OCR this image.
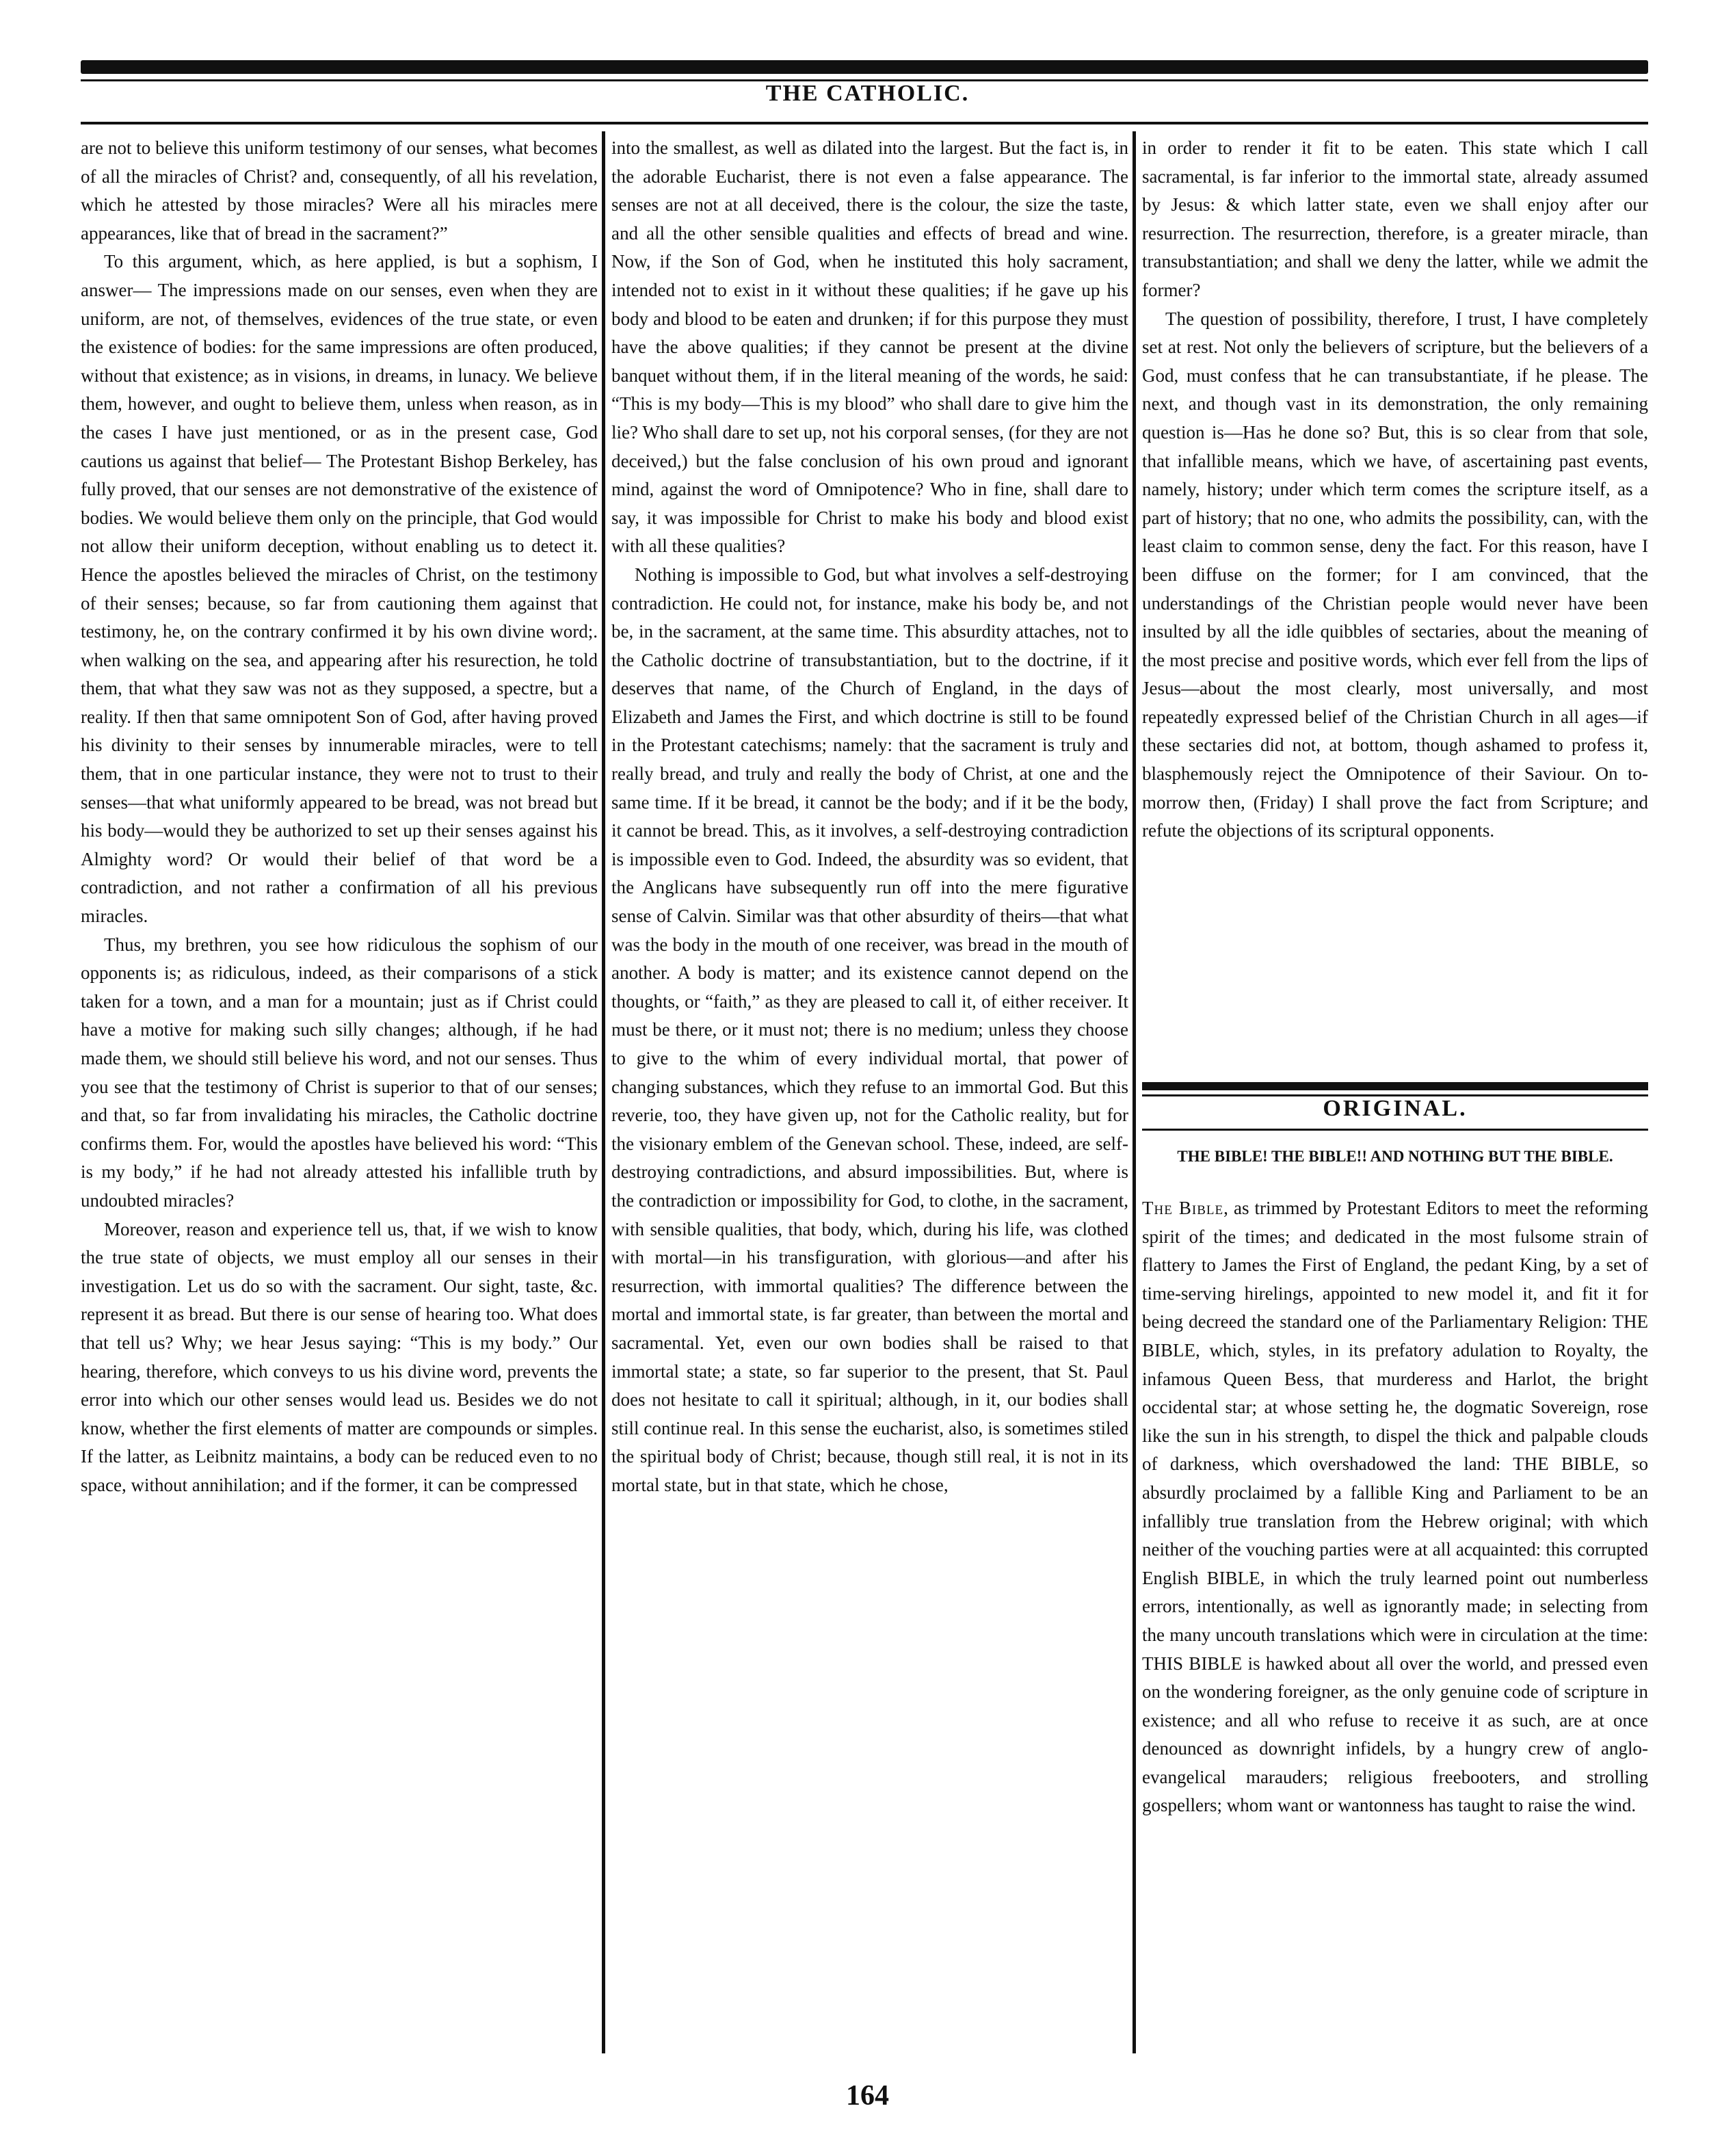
THE CATHOLIC.

are not to believe this uniform testimony of our senses, what becomes of all the miracles of Christ? and, consequently, of all his revelation, which he attested by those miracles? Were all his miracles mere appearances, like that of bread in the sacrament?”

To this argument, which, as here applied, is but a sophism, I answer— The impressions made on our senses, even when they are uniform, are not, of themselves, evidences of the true state, or even the existence of bodies: for the same impressions are often produced, without that existence; as in visions, in dreams, in lunacy. We believe them, however, and ought to believe them, unless when reason, as in the cases I have just mentioned, or as in the present case, God cautions us against that belief— The Protestant Bishop Berkeley, has fully proved, that our senses are not demonstrative of the existence of bodies. We would believe them only on the principle, that God would not allow their uniform deception, without enabling us to detect it. Hence the apostles believed the miracles of Christ, on the testimony of their senses; because, so far from cautioning them against that testimony, he, on the contrary confirmed it by his own divine word;. when walking on the sea, and appearing after his resurection, he told them, that what they saw was not as they supposed, a spectre, but a reality. If then that same omnipotent Son of God, after having proved his divinity to their senses by innumerable miracles, were to tell them, that in one particular instance, they were not to trust to their senses—that what uniformly appeared to be bread, was not bread but his body—would they be authorized to set up their senses against his Almighty word? Or would their belief of that word be a contradiction, and not rather a confirmation of all his previous miracles.

Thus, my brethren, you see how ridiculous the sophism of our opponents is; as ridiculous, indeed, as their comparisons of a stick taken for a town, and a man for a mountain; just as if Christ could have a motive for making such silly changes; although, if he had made them, we should still believe his word, and not our senses. Thus you see that the testimony of Christ is superior to that of our senses; and that, so far from invalidating his miracles, the Catholic doctrine confirms them. For, would the apostles have believed his word: “This is my body,” if he had not already attested his infallible truth by undoubted miracles?

Moreover, reason and experience tell us, that, if we wish to know the true state of objects, we must employ all our senses in their investigation. Let us do so with the sacrament. Our sight, taste, &c. represent it as bread. But there is our sense of hearing too. What does that tell us? Why; we hear Jesus saying: “This is my body.” Our hearing, therefore, which conveys to us his divine word, prevents the error into which our other senses would lead us. Besides we do not know, whether the first elements of matter are compounds or simples. If the latter, as Leibnitz maintains, a body can be reduced even to no space, without annihilation; and if the former, it can be compressed

into the smallest, as well as dilated into the largest. But the fact is, in the adorable Eucharist, there is not even a false appearance. The senses are not at all deceived, there is the colour, the size the taste, and all the other sensible qualities and effects of bread and wine. Now, if the Son of God, when he instituted this holy sacrament, intended not to exist in it without these qualities; if he gave up his body and blood to be eaten and drunken; if for this purpose they must have the above qualities; if they cannot be present at the divine banquet without them, if in the literal meaning of the words, he said: “This is my body—This is my blood” who shall dare to give him the lie? Who shall dare to set up, not his corporal senses, (for they are not deceived,) but the false conclusion of his own proud and ignorant mind, against the word of Omnipotence? Who in fine, shall dare to say, it was impossible for Christ to make his body and blood exist with all these qualities?

Nothing is impossible to God, but what involves a self-destroying contradiction. He could not, for instance, make his body be, and not be, in the sacrament, at the same time. This absurdity attaches, not to the Catholic doctrine of transubstantiation, but to the doctrine, if it deserves that name, of the Church of England, in the days of Elizabeth and James the First, and which doctrine is still to be found in the Protestant catechisms; namely: that the sacrament is truly and really bread, and truly and really the body of Christ, at one and the same time. If it be bread, it cannot be the body; and if it be the body, it cannot be bread. This, as it involves, a self-destroying contradiction is impossible even to God. Indeed, the absurdity was so evident, that the Anglicans have subsequently run off into the mere figurative sense of Calvin. Similar was that other absurdity of theirs—that what was the body in the mouth of one receiver, was bread in the mouth of another. A body is matter; and its existence cannot depend on the thoughts, or “faith,” as they are pleased to call it, of either receiver. It must be there, or it must not; there is no medium; unless they choose to give to the whim of every individual mortal, that power of changing substances, which they refuse to an immortal God. But this reverie, too, they have given up, not for the Catholic reality, but for the visionary emblem of the Genevan school. These, indeed, are self-destroying contradictions, and absurd impossibilities. But, where is the contradiction or impossibility for God, to clothe, in the sacrament, with sensible qualities, that body, which, during his life, was clothed with mortal—in his transfiguration, with glorious—and after his resurrection, with immortal qualities? The difference between the mortal and immortal state, is far greater, than between the mortal and sacramental. Yet, even our own bodies shall be raised to that immortal state; a state, so far superior to the present, that St. Paul does not hesitate to call it spiritual; although, in it, our bodies shall still continue real. In this sense the eucharist, also, is sometimes stiled the spiritual body of Christ; because, though still real, it is not in its mortal state, but in that state, which he chose,

in order to render it fit to be eaten. This state which I call sacramental, is far inferior to the immortal state, already assumed by Jesus: & which latter state, even we shall enjoy after our resurrection. The resurrection, therefore, is a greater miracle, than transubstantiation; and shall we deny the latter, while we admit the former?

The question of possibility, therefore, I trust, I have completely set at rest. Not only the believers of scripture, but the believers of a God, must confess that he can transubstantiate, if he please. The next, and though vast in its demonstration, the only remaining question is—Has he done so? But, this is so clear from that sole, that infallible means, which we have, of ascertaining past events, namely, history; under which term comes the scripture itself, as a part of history; that no one, who admits the possibility, can, with the least claim to common sense, deny the fact. For this reason, have I been diffuse on the former; for I am convinced, that the understandings of the Christian people would never have been insulted by all the idle quibbles of sectaries, about the meaning of the most precise and positive words, which ever fell from the lips of Jesus—about the most clearly, most universally, and most repeatedly expressed belief of the Christian Church in all ages—if these sectaries did not, at bottom, though ashamed to profess it, blasphemously reject the Omnipotence of their Saviour. On to-morrow then, (Friday) I shall prove the fact from Scripture; and refute the objections of its scriptural opponents.

ORIGINAL.
THE BIBLE! THE BIBLE!! AND NOTHING BUT THE BIBLE.

The Bible, as trimmed by Protestant Editors to meet the reforming spirit of the times; and dedicated in the most fulsome strain of flattery to James the First of England, the pedant King, by a set of time-serving hirelings, appointed to new model it, and fit it for being decreed the standard one of the Parliamentary Religion: THE BIBLE, which, styles, in its prefatory adulation to Royalty, the infamous Queen Bess, that murderess and Harlot, the bright occidental star; at whose setting he, the dogmatic Sovereign, rose like the sun in his strength, to dispel the thick and palpable clouds of darkness, which overshadowed the land: THE BIBLE, so absurdly proclaimed by a fallible King and Parliament to be an infallibly true translation from the Hebrew original; with which neither of the vouching parties were at all acquainted: this corrupted English BIBLE, in which the truly learned point out numberless errors, intentionally, as well as ignorantly made; in selecting from the many uncouth translations which were in circulation at the time: THIS BIBLE is hawked about all over the world, and pressed even on the wondering foreigner, as the only genuine code of scripture in existence; and all who refuse to receive it as such, are at once denounced as downright infidels, by a hungry crew of anglo-evangelical marauders; religious freebooters, and strolling gospellers; whom want or wantonness has taught to raise the wind.

164
